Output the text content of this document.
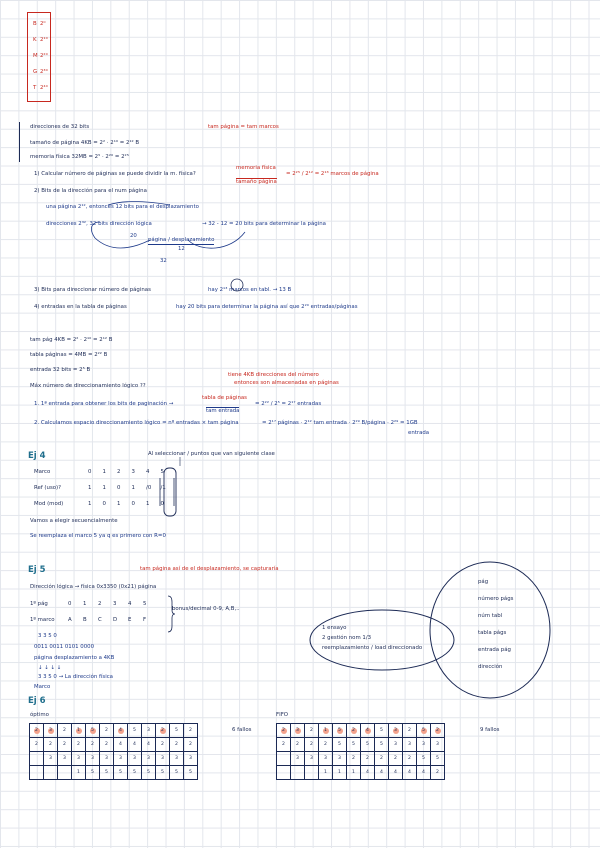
direcciones de 32 bits	tam página = tam marcos
tamaño de página 4KB = 2² · 2¹⁰ = 2¹² B
memoria física 32MB = 2⁵ · 2²⁰ = 2²⁵
1) Calcular número de páginas se puede dividir la m. física?
memoria física
tamaño página
= 2²⁵ / 2¹² = 2¹³ marcos de página
2) Bits de la dirección para el num página
una página 2¹², entonces 12 bits para el desplazamiento
direcciones 2³², 32 bits dirección lógica	→ 32 - 12 = 20 bits para determinar la página
página / desplazamiento
12
20
32
3) Bits para direccionar número de páginas	hay 2¹³ marcos en tabl. → 13 B
4) entradas en la tabla de páginas	hay 20 bits para determinar la página así que 2²⁰ entradas/páginas
tam pág 4KB = 2² · 2¹⁰ = 2¹² B
tabla páginas = 4MB = 2²² B
entrada 32 bits = 2⁵ B
Máx número de direccionamiento lógico ??
tiene 4KB direcciones del número
entonces son almacenadas en páginas
1. 1ª entrada para obtener los bits de paginación →
tabla de páginas
tam entrada
= 2²² / 2⁵ = 2¹⁷ entradas
2. Calculamos espacio direccionamiento lógico = nº entradas × tam página	= 2¹⁷ páginas · 2¹² tam entrada · 2²⁹ B/página · 2²⁹ = 1GB
entrada
Ej 4	Al seleccionar / puntos que van siguiente clase
Vamos a elegir secuencialmente
Se reemplaza el marco 5 ya q es primero con R=0
Ej 5	tam página así de el desplazamiento, se capturaría
Dirección lógica → física 0x3350 (0x21) página
bonus/decimal 0-9, A,B,..
3 3 5 0
0011 0011 0101 0000
página desplazamiento a 4KB
↓ ↓ ↓ ↓
3 3 5 0 → La dirección física
Marco
Ej 6
óptimo	FIFO
2	3	2	1	5	2	4	5	3	2	5	2
2	2	2	2	2	2	4	4	4	2	2	2
	3	3	3	3	3	3	3	3	3	3	3
			1	5	5	5	5	5	5	5	5
2	3	2	1	5	2	4	5	3	2	5	2
2	2	2	2	5	5	5	5	3	3	3	3
	3	3	3	3	2	2	2	2	2	5	5
			1	1	1	4	4	4	4	4	2
6 fallos	9 fallos
B 2⁰
K 2¹⁰
M 2²⁰
G 2³⁰
T 2⁴⁰
Marco	0 1 2 3 4 5
Ref (uso)?	1 1 0 1 /0 /1
Mod (mod)	1 0 1 0 1 0
0 1 2 3 4 5
1º pág
A B C D E F
1º marco
1 ensayo
2 gestión nom 1/3
reemplazamiento / load direccionado
pág
número págs
núm tabl
tabla págs
entrada pág
dirección
